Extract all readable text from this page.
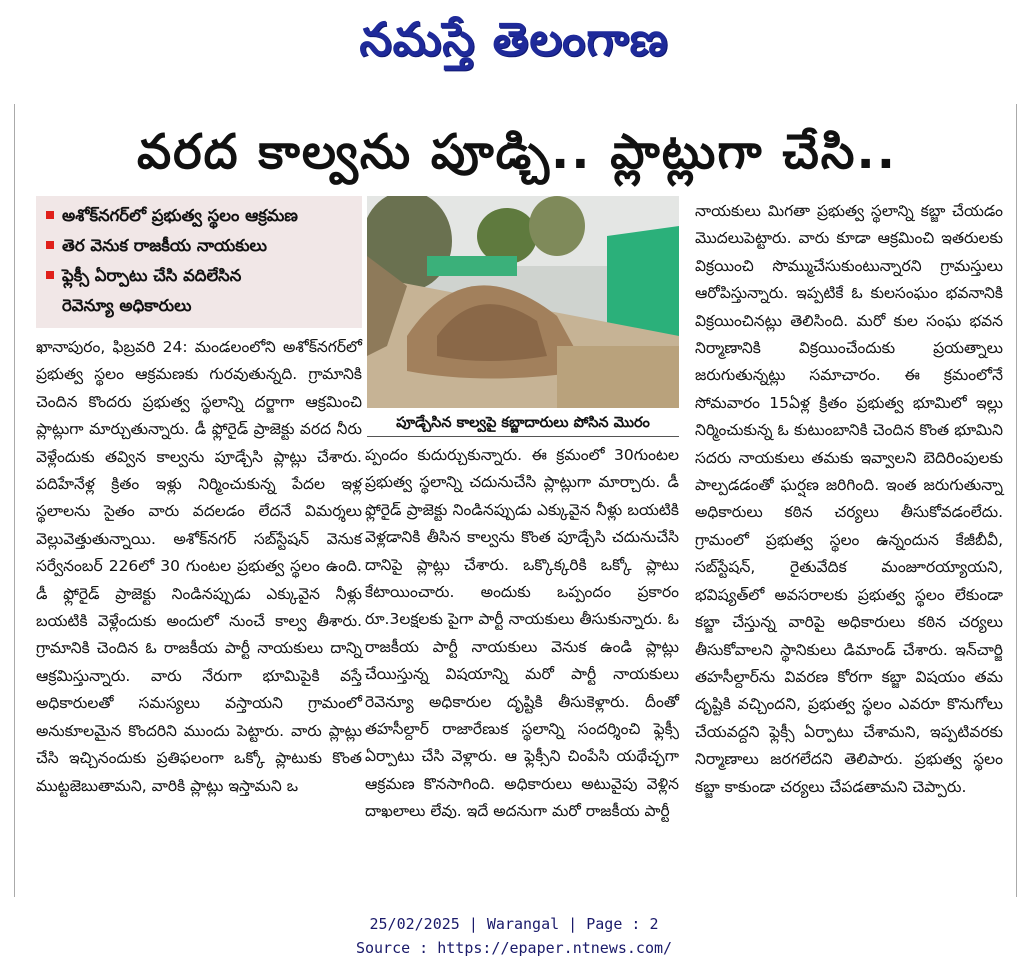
నమస్తే తెలంగాణ
వరద కాల్వను పూడ్చి.. ప్లాట్లుగా చేసి..
అశోక్‌నగర్‌లో ప్రభుత్వ స్థలం ఆక్రమణ
తెర వెనుక రాజకీయ నాయకులు
ఫ్లెక్సీ ఏర్పాటు చేసి వదిలేసిన
రెవెన్యూ అధికారులు

ఖానాపురం, ఫిబ్రవరి 24: మండలంలోని అశోక్‌నగర్‌లో ప్రభుత్వ స్థలం ఆక్రమణకు గురవుతున్నది. గ్రామానికి చెందిన కొందరు ప్రభుత్వ స్థలాన్ని దర్జాగా ఆక్రమించి ప్లాట్లుగా మార్చుతున్నారు. డీ ఫ్లోరైడ్ ప్రాజెక్టు వరద నీరు వెళ్లేందుకు తవ్విన కాల్వను పూడ్చేసి ప్లాట్లు చేశారు. పదిహేనేళ్ల క్రితం ఇళ్లు నిర్మించుకున్న పేదల ఇళ్ల స్థలాలను సైతం వారు వదలడం లేదనే విమర్శలు వెల్లువెత్తుతున్నాయి. అశోక్‌నగర్ సబ్‌స్టేషన్ వెనుక సర్వేనంబర్ 226లో 30 గుంటల ప్రభుత్వ స్థలం ఉంది. డీ ఫ్లోరైడ్ ప్రాజెక్టు నిండినప్పుడు ఎక్కువైన నీళ్లు బయటికి వెళ్లేందుకు అందులో నుంచే కాల్వ తీశారు. గ్రామానికి చెందిన ఓ రాజకీయ పార్టీ నాయకులు దాన్ని ఆక్రమిస్తున్నారు. వారు నేరుగా భూమిపైకి వస్తే అధికారులతో సమస్యలు వస్తాయని గ్రామంలో అనుకూలమైన కొందరిని ముందు పెట్టారు. వారు ప్లాట్లు చేసి ఇచ్చినందుకు ప్రతిఫలంగా ఒక్కో ప్లాటుకు కొంత ముట్టజెబుతామని, వారికి ప్లాట్లు ఇస్తామని ఒ

పూడ్చేసిన కాల్వపై కబ్జాదారులు పోసిన మొరం

ప్పందం కుదుర్చుకున్నారు. ఈ క్రమంలో 30గుంటల ప్రభుత్వ స్థలాన్ని చదునుచేసి ప్లాట్లుగా మార్చారు. డీ ఫ్లోరైడ్ ప్రాజెక్టు నిండినప్పుడు ఎక్కువైన నీళ్లు బయటికి వెళ్లడానికి తీసిన కాల్వను కొంత పూడ్చేసి చదునుచేసి దానిపై ప్లాట్లు చేశారు. ఒక్కొక్కరికి ఒక్కో ప్లాటు కేటాయించారు. అందుకు ఒప్పందం ప్రకారం రూ.3లక్షలకు పైగా పార్టీ నాయకులు తీసుకున్నారు. ఓ రాజకీయ పార్టీ నాయకులు వెనుక ఉండి ప్లాట్లు చేయిస్తున్న విషయాన్ని మరో పార్టీ నాయకులు రెవెన్యూ అధికారుల దృష్టికి తీసుకెళ్లారు. దీంతో తహసీల్దార్ రాజారేణుక స్థలాన్ని సందర్శించి ఫ్లెక్సీ ఏర్పాటు చేసి వెళ్లారు. ఆ ఫ్లెక్సీని చింపేసి యథేచ్ఛగా ఆక్రమణ కొనసాగింది. అధికారులు అటువైపు వెళ్లిన దాఖలాలు లేవు. ఇదే అదనుగా మరో రాజకీయ పార్టీ

నాయకులు మిగతా ప్రభుత్వ స్థలాన్ని కబ్జా చేయడం మొదలుపెట్టారు. వారు కూడా ఆక్రమించి ఇతరులకు విక్రయించి సొమ్ముచేసుకుంటున్నారని గ్రామస్తులు ఆరోపిస్తున్నారు. ఇప్పటికే ఓ కులసంఘం భవనానికి విక్రయించినట్లు తెలిసింది. మరో కుల సంఘ భవన నిర్మాణానికి విక్రయించేందుకు ప్రయత్నాలు జరుగుతున్నట్లు సమాచారం. ఈ క్రమంలోనే సోమవారం 15ఏళ్ల క్రితం ప్రభుత్వ భూమిలో ఇల్లు నిర్మించుకున్న ఓ కుటుంబానికి చెందిన కొంత భూమిని సదరు నాయకులు తమకు ఇవ్వాలని బెదిరింపులకు పాల్పడడంతో ఘర్షణ జరిగింది. ఇంత జరుగుతున్నా అధికారులు కఠిన చర్యలు తీసుకోవడంలేదు. గ్రామంలో ప్రభుత్వ స్థలం ఉన్నందున కేజీబీవీ, సబ్‌స్టేషన్, రైతువేదిక మంజూరయ్యాయని, భవిష్యత్‌లో అవసరాలకు ప్రభుత్వ స్థలం లేకుండా కబ్జా చేస్తున్న వారిపై అధికారులు కఠిన చర్యలు తీసుకోవాలని స్థానికులు డిమాండ్ చేశారు. ఇన్‌చార్జి తహసీల్దార్‌ను వివరణ కోరగా కబ్జా విషయం తమ దృష్టికి వచ్చిందని, ప్రభుత్వ స్థలం ఎవరూ కొనుగోలు చేయవద్దని ఫ్లెక్సీ ఏర్పాటు చేశామని, ఇప్పటివరకు నిర్మాణాలు జరగలేదని తెలిపారు. ప్రభుత్వ స్థలం కబ్జా కాకుండా చర్యలు చేపడతామని చెప్పారు.

25/02/2025 | Warangal | Page : 2
Source : https://epaper.ntnews.com/
